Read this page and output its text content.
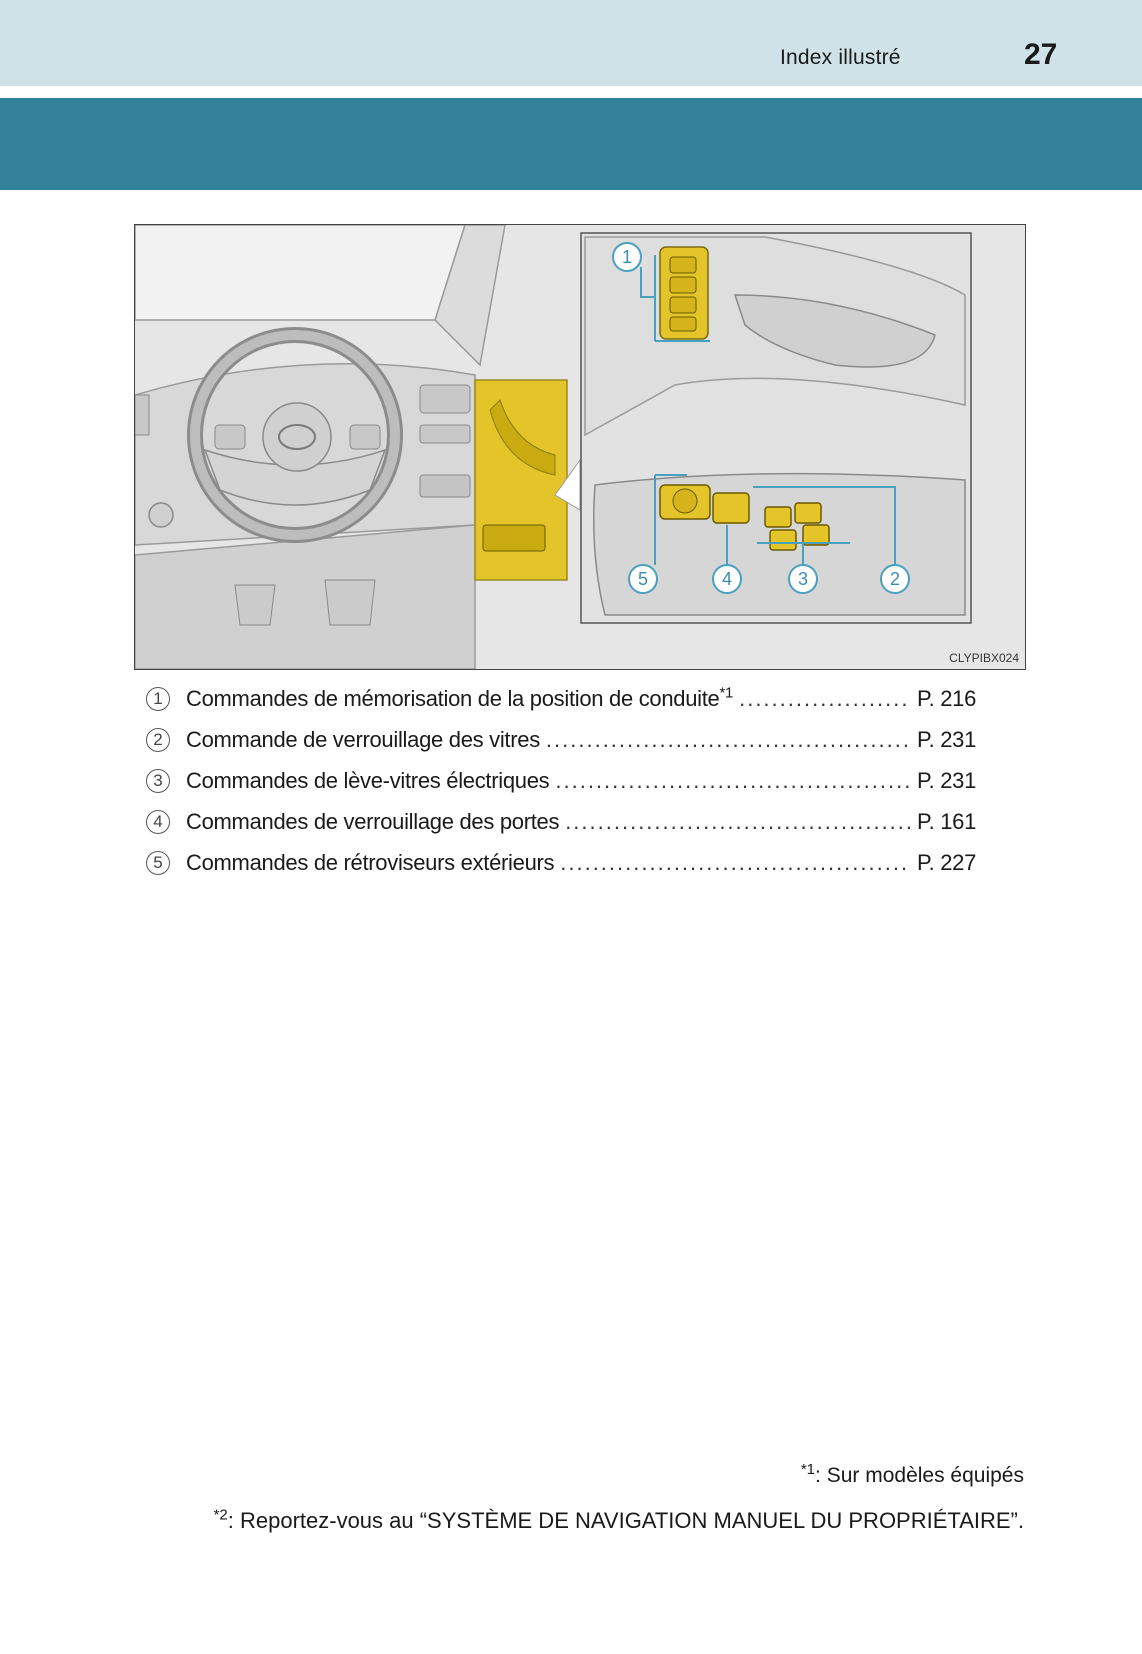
Index illustré	27
1
5	4	3	2
CLYPIBX024
1	Commandes de mémorisation de la position de conduite$^{*1}$ .....	P. 216
2	Commande de verrouillage des vitres .....	P. 231
3	Commandes de lève-vitres électriques .....	P. 231
4	Commandes de verrouillage des portes .....	P. 161
5	Commandes de rétroviseurs extérieurs .....	P. 227
$^{*1}$: Sur modèles équipés
$^{*2}$: Reportez-vous au “SYSTÈME DE NAVIGATION MANUEL DU PROPRIÉTAIRE”.
